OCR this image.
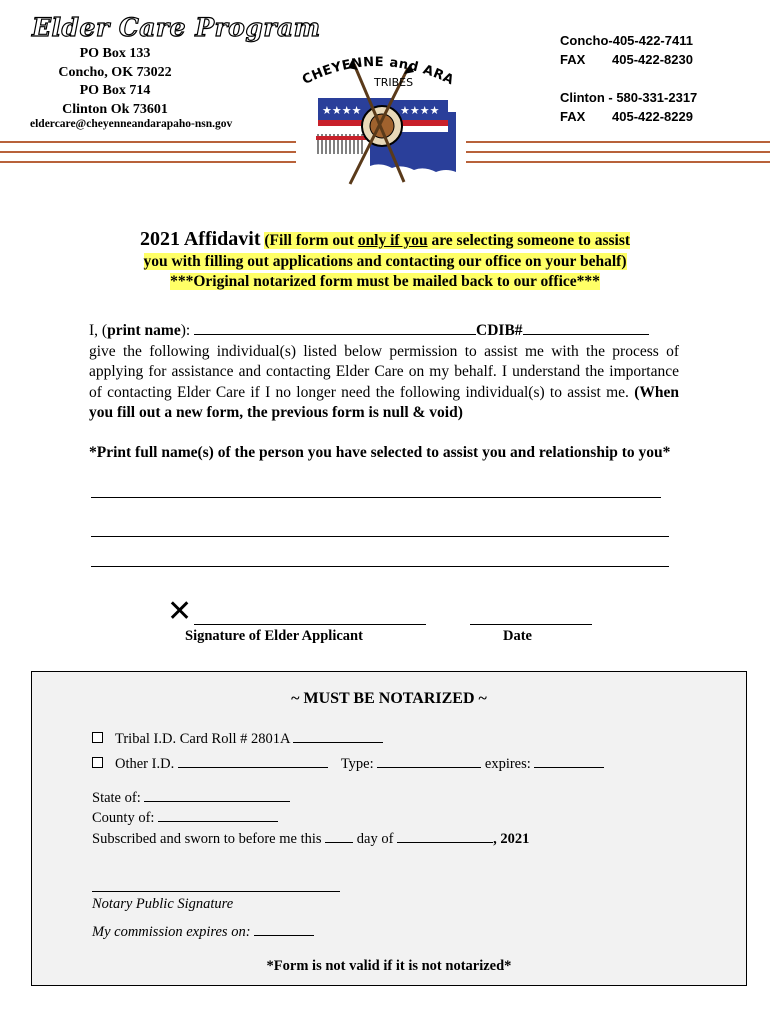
Elder Care Program
PO Box 133
Concho, OK 73022
PO Box 714
Clinton Ok 73601
eldercare@cheyenneandarapaho-nsn.gov
★★★★	★★★★
CHEYENNE and ARA
TRIBES
Concho-405-422-7411
FAX 405-422-8230
Clinton - 580-331-2317
FAX 405-422-8229
2021 Affidavit (Fill form out only if you are selecting someone to assist
you with filling out applications and contacting our office on your behalf)
***Original notarized form must be mailed back to our office***
I, (print name):	CDIB#
give the following individual(s) listed below permission to assist me with the process of applying for assistance and contacting Elder Care on my behalf. I understand the importance of contacting Elder Care if I no longer need the following individual(s) to assist me. (When you fill out a new form, the previous form is null & void)
*Print full name(s) of the person you have selected to assist you and relationship to you*
✕
Signature of Elder Applicant	Date
~ MUST BE NOTARIZED ~
Tribal I.D. Card Roll # 2801A
Other I.D.	Type:	expires:
State of:
County of:
Subscribed and sworn to before me this day of	, 2021
Notary Public Signature
My commission expires on:
*Form is not valid if it is not notarized*
